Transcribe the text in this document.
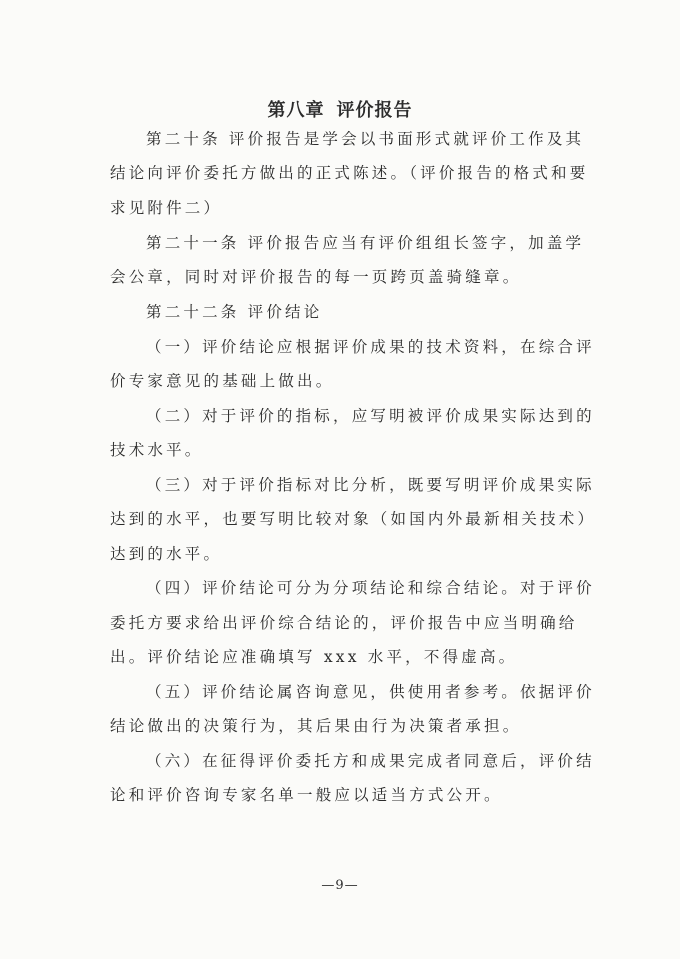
第八章 评价报告
第二十条 评价报告是学会以书面形式就评价工作及其
结论向评价委托方做出的正式陈述。（评价报告的格式和要
求见附件二）
第二十一条 评价报告应当有评价组组长签字，加盖学
会公章，同时对评价报告的每一页跨页盖骑缝章。
第二十二条 评价结论
（一）评价结论应根据评价成果的技术资料，在综合评
价专家意见的基础上做出。
（二）对于评价的指标，应写明被评价成果实际达到的
技术水平。
（三）对于评价指标对比分析，既要写明评价成果实际
达到的水平，也要写明比较对象（如国内外最新相关技术）
达到的水平。
（四）评价结论可分为分项结论和综合结论。对于评价
委托方要求给出评价综合结论的，评价报告中应当明确给
出。评价结论应准确填写 xxx 水平，不得虚高。
（五）评价结论属咨询意见，供使用者参考。依据评价
结论做出的决策行为，其后果由行为决策者承担。
（六）在征得评价委托方和成果完成者同意后，评价结
论和评价咨询专家名单一般应以适当方式公开。
—9—
